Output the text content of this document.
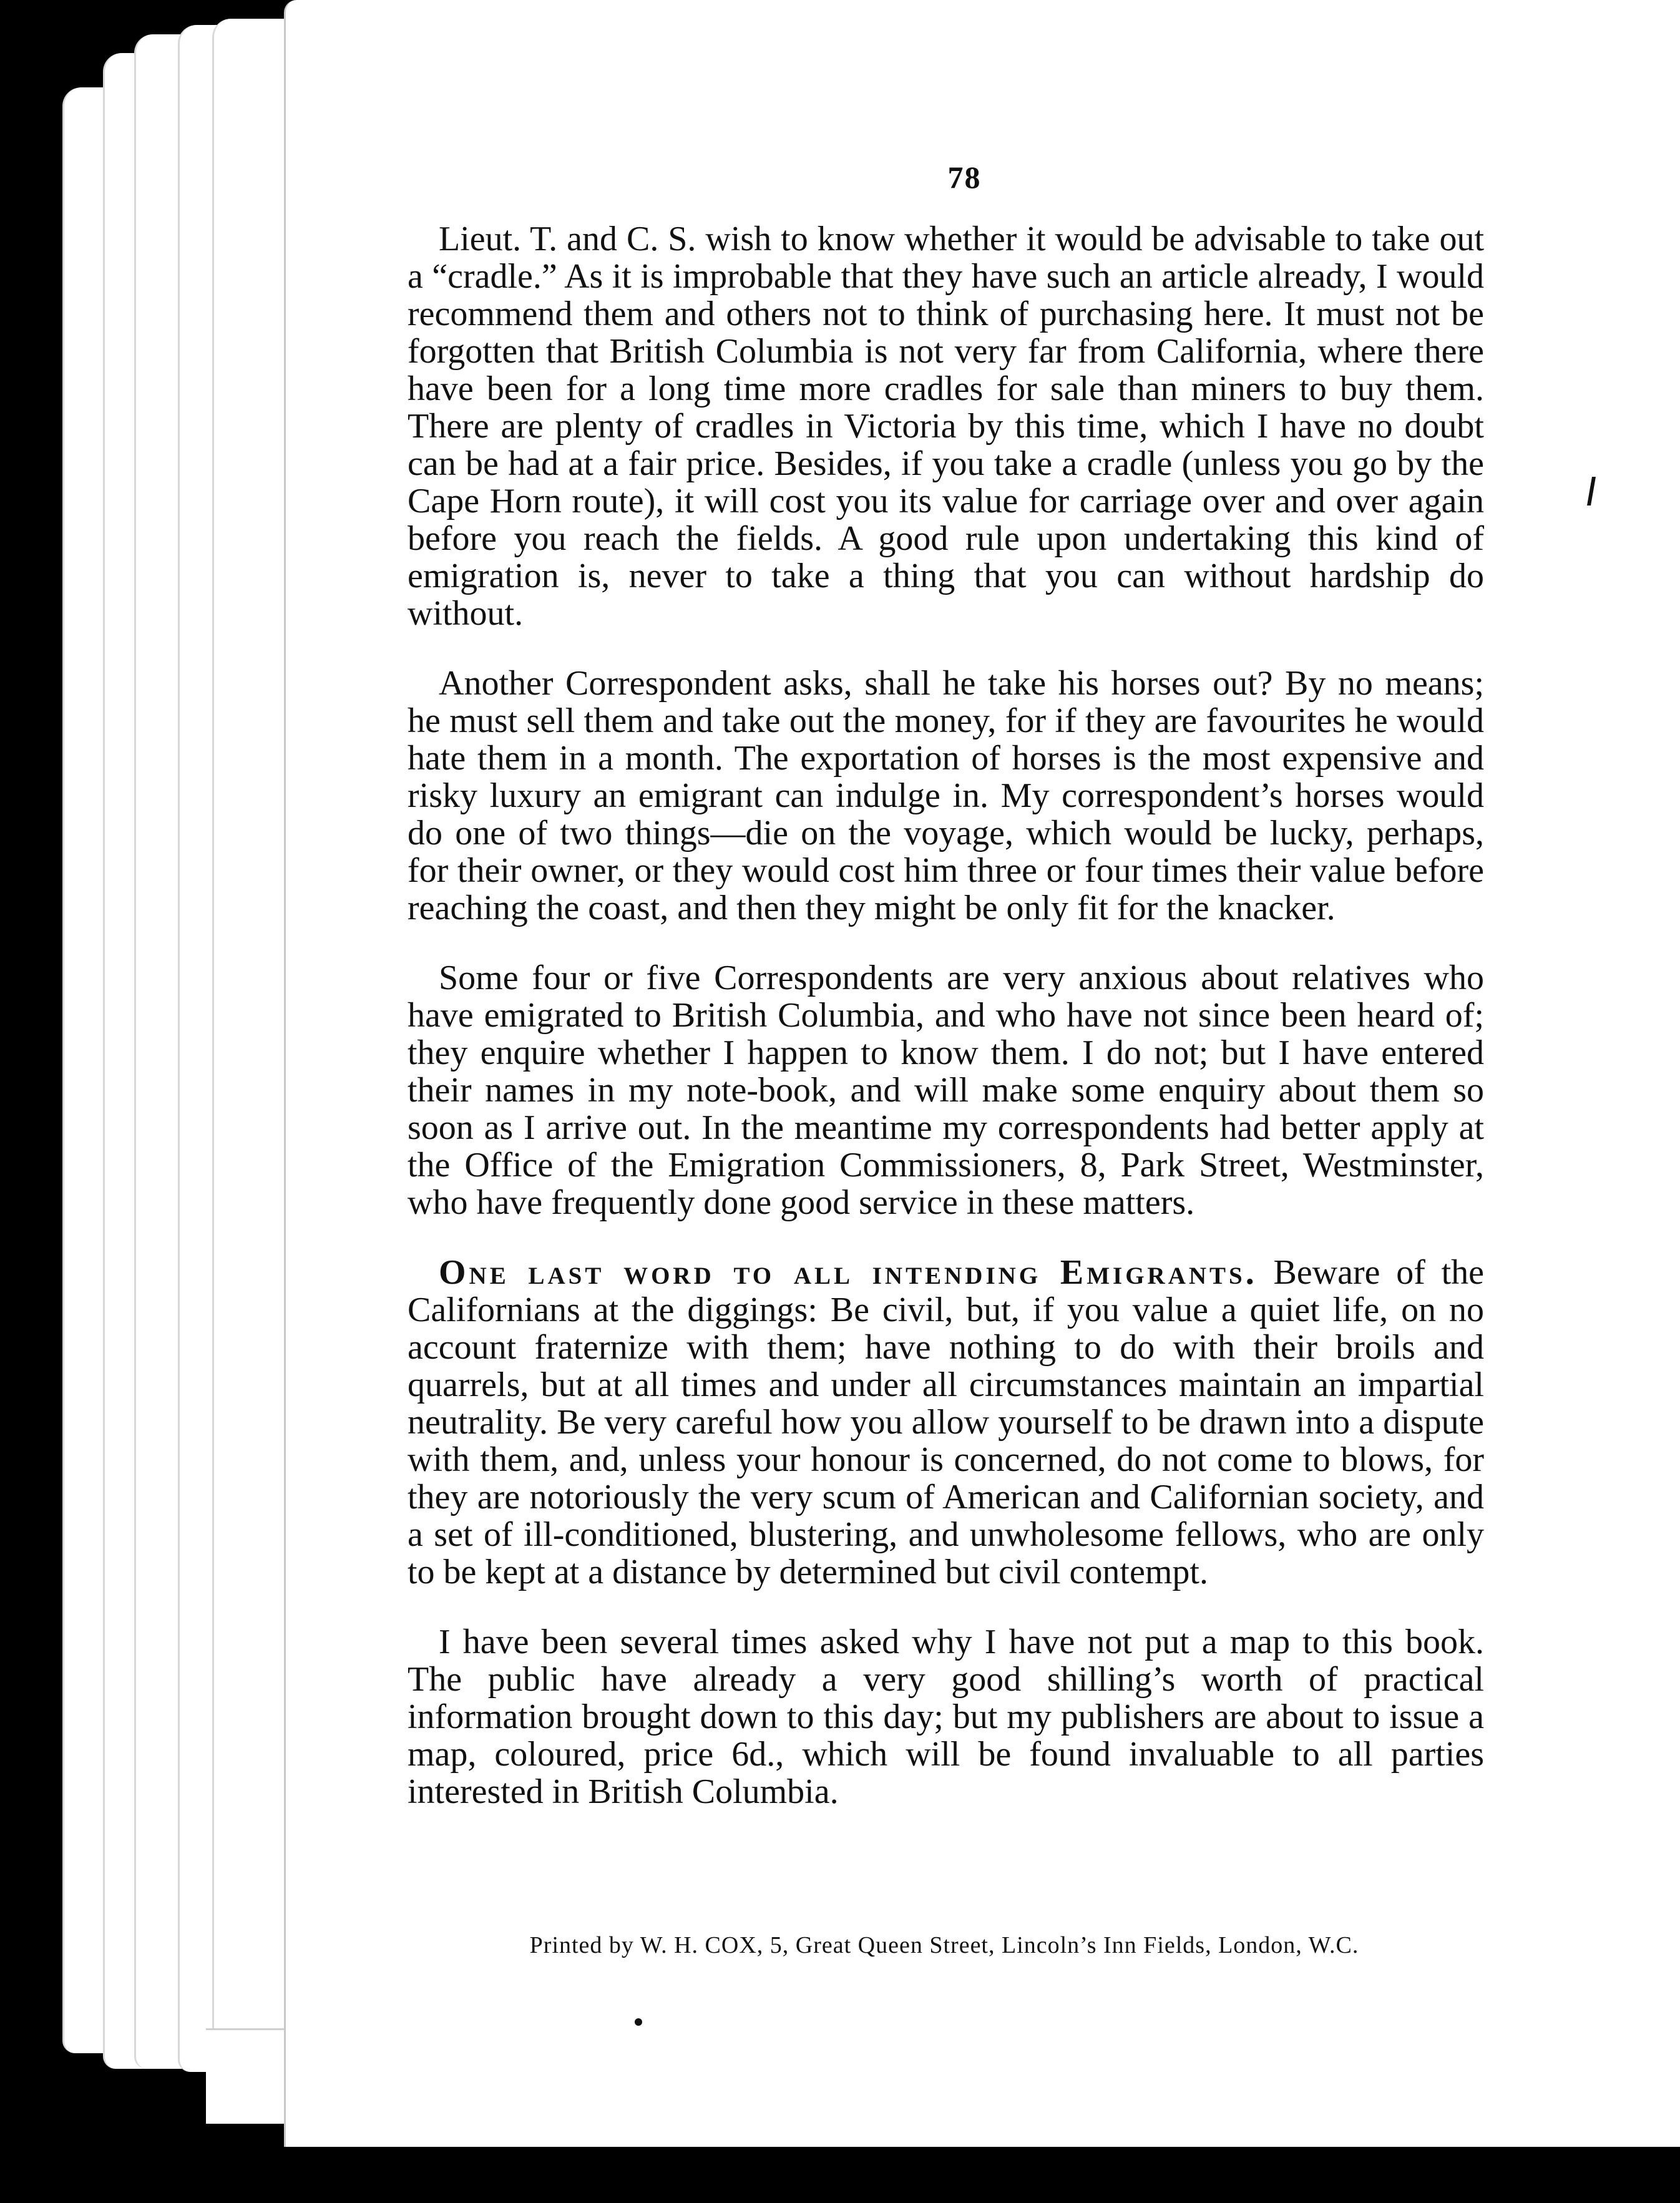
78

Lieut. T. and C. S. wish to know whether it would be advisable to take out a “cradle.” As it is improbable that they have such an article already, I would recommend them and others not to think of purchasing here. It must not be forgotten that British Columbia is not very far from California, where there have been for a long time more cradles for sale than miners to buy them. There are plenty of cradles in Victoria by this time, which I have no doubt can be had at a fair price. Besides, if you take a cradle (unless you go by the Cape Horn route), it will cost you its value for carriage over and over again before you reach the fields. A good rule upon undertaking this kind of emigration is, never to take a thing that you can without hardship do without.

Another Correspondent asks, shall he take his horses out? By no means; he must sell them and take out the money, for if they are favourites he would hate them in a month. The exportation of horses is the most expensive and risky luxury an emigrant can indulge in. My correspondent’s horses would do one of two things—die on the voyage, which would be lucky, perhaps, for their owner, or they would cost him three or four times their value before reaching the coast, and then they might be only fit for the knacker.

Some four or five Correspondents are very anxious about relatives who have emigrated to British Columbia, and who have not since been heard of; they enquire whether I happen to know them. I do not; but I have entered their names in my note-book, and will make some enquiry about them so soon as I arrive out. In the meantime my correspondents had better apply at the Office of the Emigration Commissioners, 8, Park Street, Westminster, who have frequently done good service in these matters.

One last word to all intending Emigrants. Beware of the Californians at the diggings: Be civil, but, if you value a quiet life, on no account fraternize with them; have nothing to do with their broils and quarrels, but at all times and under all circumstances maintain an impartial neutrality. Be very careful how you allow yourself to be drawn into a dispute with them, and, unless your honour is concerned, do not come to blows, for they are notoriously the very scum of American and Californian society, and a set of ill-conditioned, blustering, and unwholesome fellows, who are only to be kept at a distance by determined but civil contempt.

I have been several times asked why I have not put a map to this book. The public have already a very good shilling’s worth of practical information brought down to this day; but my publishers are about to issue a map, coloured, price 6d., which will be found invaluable to all parties interested in British Columbia.

Printed by W. H. COX, 5, Great Queen Street, Lincoln’s Inn Fields, London, W.C.
